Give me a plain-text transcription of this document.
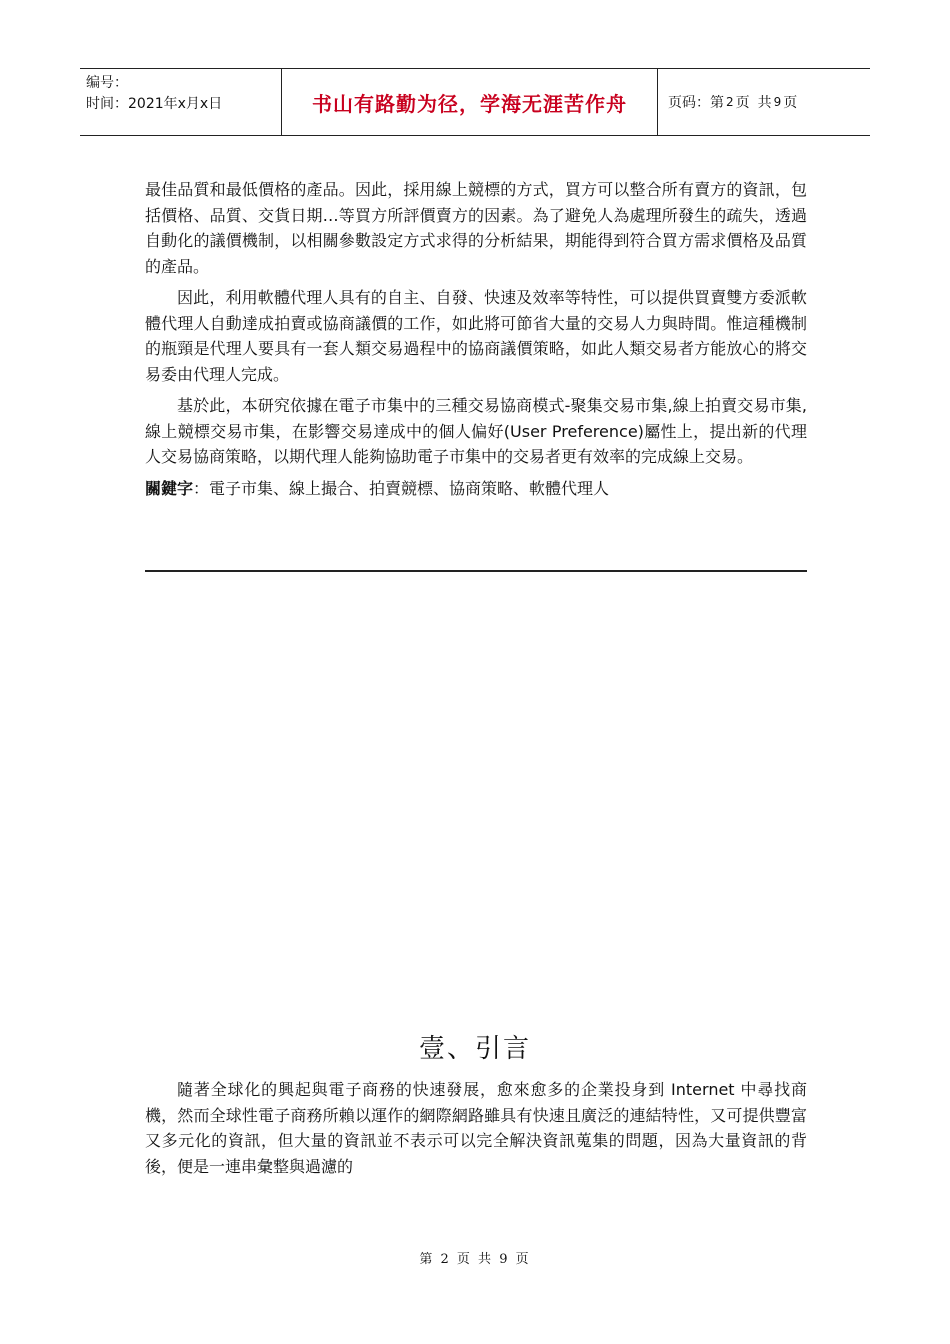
编号：
时间：2021年x月x日	书山有路勤为径，学海无涯苦作舟	页码：第 2 页 共 9 页

最佳品質和最低價格的產品。因此，採用線上競標的方式，買方可以整合所有賣方的資訊，包括價格、品質、交貨日期…等買方所評價賣方的因素。為了避免人為處理所發生的疏失，透過自動化的議價機制，以相關參數設定方式求得的分析結果，期能得到符合買方需求價格及品質的產品。

因此，利用軟體代理人具有的自主、自發、快速及效率等特性，可以提供買賣雙方委派軟體代理人自動達成拍賣或協商議價的工作，如此將可節省大量的交易人力與時間。惟這種機制的瓶頸是代理人要具有一套人類交易過程中的協商議價策略，如此人類交易者方能放心的將交易委由代理人完成。

基於此，本研究依據在電子市集中的三種交易協商模式-聚集交易市集,線上拍賣交易市集,線上競標交易市集，在影響交易達成中的個人偏好(User Preference)屬性上，提出新的代理人交易協商策略，以期代理人能夠協助電子市集中的交易者更有效率的完成線上交易。

關鍵字：電子市集、線上撮合、拍賣競標、協商策略、軟體代理人

壹、引言

隨著全球化的興起與電子商務的快速發展，愈來愈多的企業投身到 Internet 中尋找商機，然而全球性電子商務所賴以運作的網際網路雖具有快速且廣泛的連結特性，又可提供豐富又多元化的資訊，但大量的資訊並不表示可以完全解決資訊蒐集的問題，因為大量資訊的背後，便是一連串彙整與過濾的

第 2 页 共 9 页
